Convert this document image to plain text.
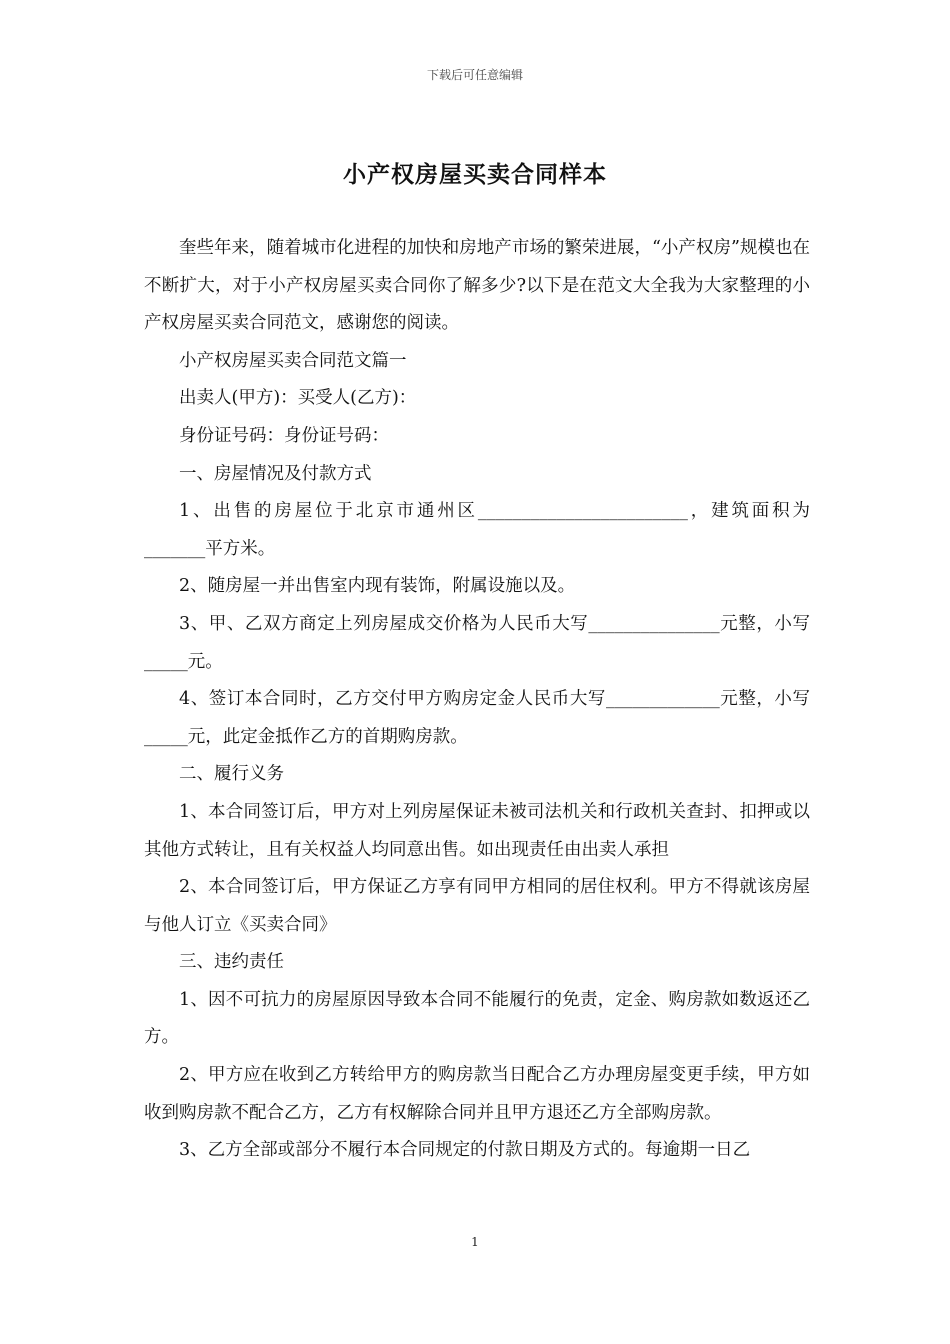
下载后可任意编辑
小产权房屋买卖合同样本

奎些年来，随着城市化进程的加快和房地产市场的繁荣进展，“小产权房”规模也在不断扩大，对于小产权房屋买卖合同你了解多少?以下是在范文大全我为大家整理的小产权房屋买卖合同范文，感谢您的阅读。

小产权房屋买卖合同范文篇一

出卖人(甲方)：买受人(乙方)：

身份证号码：身份证号码：

一、房屋情况及付款方式

1、出售的房屋位于北京市通州区________________________，建筑面积为_______平方米。

2、随房屋一并出售室内现有装饰，附属设施以及。

3、甲、乙双方商定上列房屋成交价格为人民币大写_______________元整，小写_____元。

4、签订本合同时，乙方交付甲方购房定金人民币大写_____________元整，小写_____元，此定金抵作乙方的首期购房款。

二、履行义务

1、本合同签订后，甲方对上列房屋保证未被司法机关和行政机关查封、扣押或以其他方式转让，且有关权益人均同意出售。如出现责任由出卖人承担

2、本合同签订后，甲方保证乙方享有同甲方相同的居住权利。甲方不得就该房屋与他人订立《买卖合同》

三、违约责任

1、因不可抗力的房屋原因导致本合同不能履行的免责，定金、购房款如数返还乙方。

2、甲方应在收到乙方转给甲方的购房款当日配合乙方办理房屋变更手续，甲方如收到购房款不配合乙方，乙方有权解除合同并且甲方退还乙方全部购房款。

3、乙方全部或部分不履行本合同规定的付款日期及方式的。每逾期一日乙

1
